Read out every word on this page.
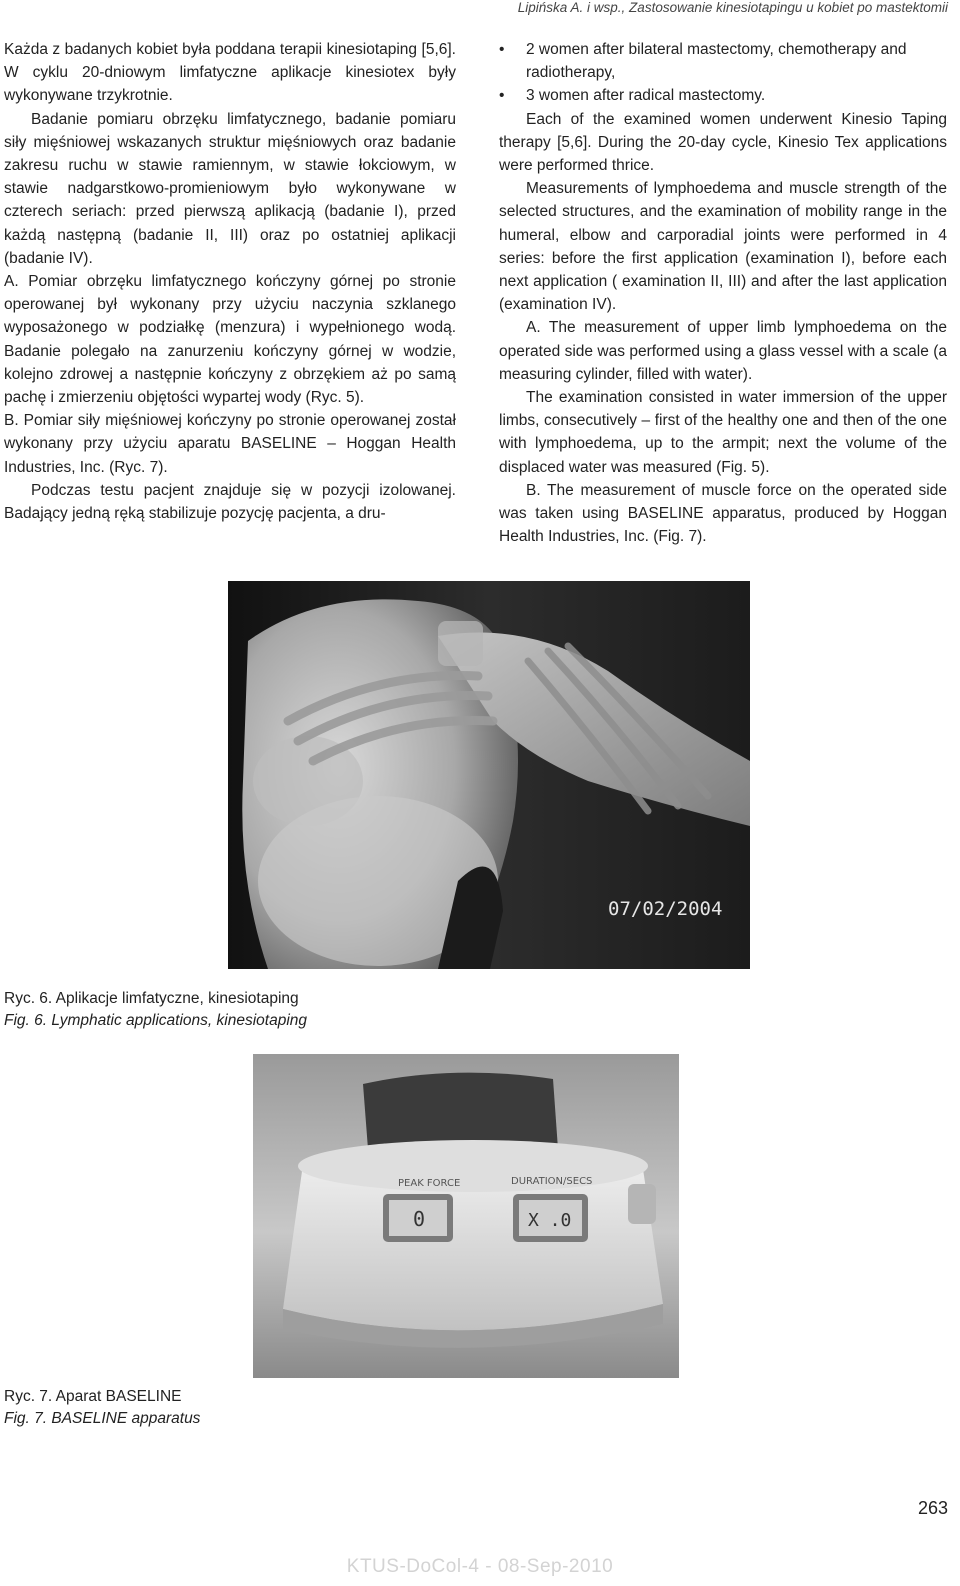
Lipińska A. i wsp., Zastosowanie kinesiotapingu u kobiet po mastektomii

Każda z badanych kobiet była poddana terapii kinesiotaping [5,6]. W cyklu 20-dniowym limfatyczne aplikacje kinesiotex były wykonywane trzykrotnie.

Badanie pomiaru obrzęku limfatycznego, badanie pomiaru siły mięśniowej wskazanych struktur mięśniowych oraz badanie zakresu ruchu w stawie ramiennym, w stawie łokciowym, w stawie nadgarstkowo-promieniowym było wykonywane w czterech seriach: przed pierwszą aplikacją (badanie I), przed każdą następną (badanie II, III) oraz po ostatniej aplikacji (badanie IV).

A. Pomiar obrzęku limfatycznego kończyny górnej po stronie operowanej był wykonany przy użyciu naczynia szklanego wyposażonego w podziałkę (menzura) i wypełnionego wodą. Badanie polegało na zanurzeniu kończyny górnej w wodzie, kolejno zdrowej a następnie kończyny z obrzękiem aż po samą pachę i zmierzeniu objętości wypartej wody (Ryc. 5).

B. Pomiar siły mięśniowej kończyny po stronie operowanej został wykonany przy użyciu aparatu BASELINE – Hoggan Health Industries, Inc. (Ryc. 7).

Podczas testu pacjent znajduje się w pozycji izolowanej. Badający jedną ręką stabilizuje pozycję pacjenta, a dru-

• 2 women after bilateral mastectomy, chemotherapy and radiotherapy,
• 3 women after radical mastectomy.

Each of the examined women underwent Kinesio Taping therapy [5,6]. During the 20-day cycle, Kinesio Tex applications were performed thrice.

Measurements of lymphoedema and muscle strength of the selected structures, and the examination of mobility range in the humeral, elbow and carporadial joints were performed in 4 series: before the first application (examination I), before each next application ( examination II, III) and after the last application (examination IV).

A. The measurement of upper limb lymphoedema on the operated side was performed using a glass vessel with a scale (a measuring cylinder, filled with water).

The examination consisted in water immersion of the upper limbs, consecutively – first of the healthy one and then of the one with lymphoedema, up to the armpit; next the volume of the displaced water was measured (Fig. 5).

B. The measurement of muscle force on the operated side was taken using BASELINE apparatus, produced by Hoggan Health Industries, Inc. (Fig. 7).

07/02/2004
Ryc. 6. Aplikacje limfatyczne, kinesiotaping
Fig. 6. Lymphatic applications, kinesiotaping
0	X .0
PEAK FORCE	DURATION/SECS
Ryc. 7. Aparat BASELINE
Fig. 7. BASELINE apparatus
263
KTUS-DoCol-4 - 08-Sep-2010
